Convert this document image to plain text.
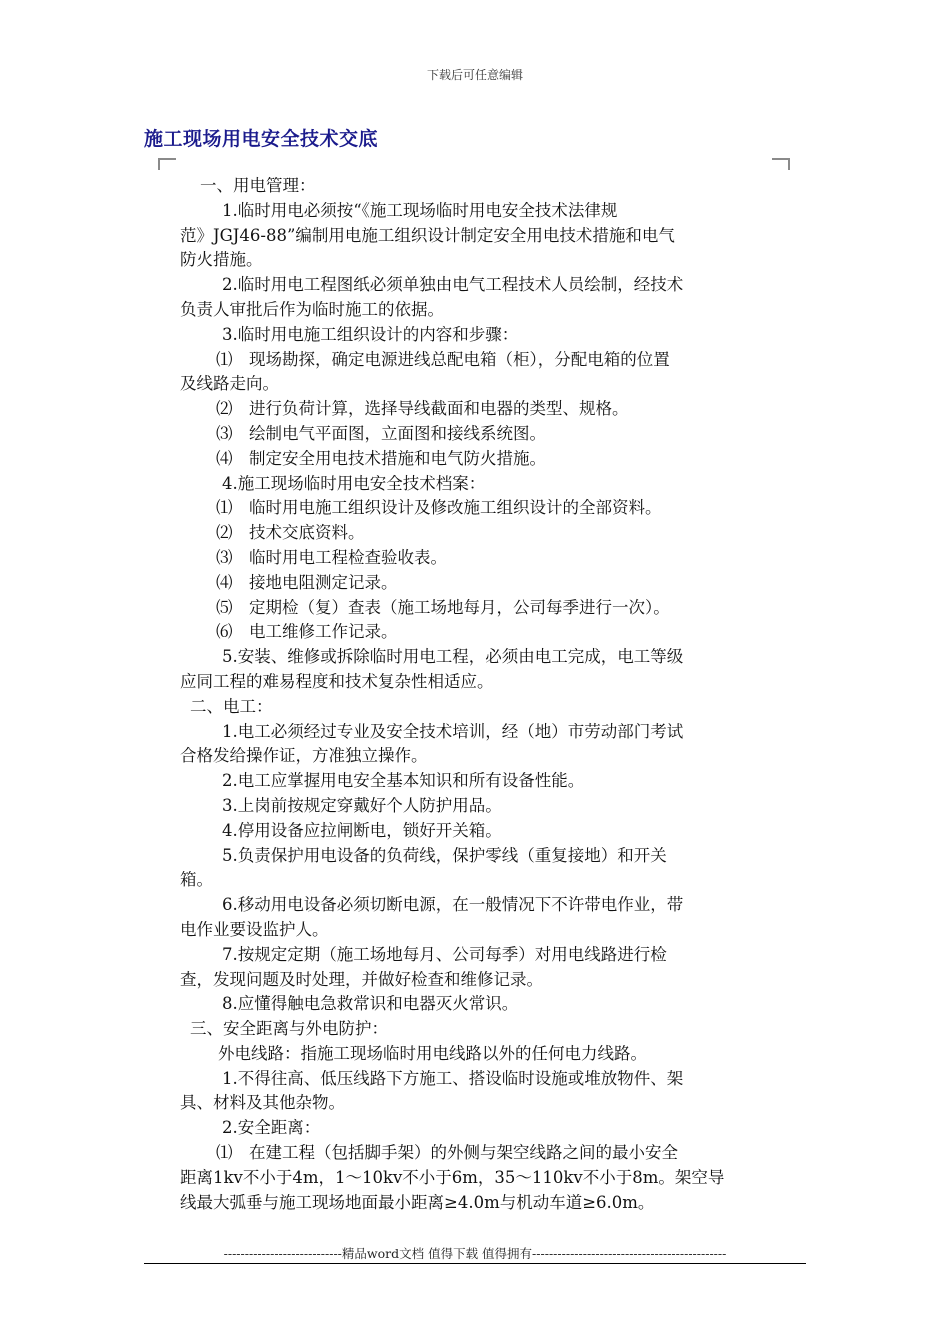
下载后可任意编辑
施工现场用电安全技术交底
一、用电管理：
1.临时用电必须按“《施工现场临时用电安全技术法律规
范》JGJ46-88”编制用电施工组织设计制定安全用电技术措施和电气
防火措施。
2.临时用电工程图纸必须单独由电气工程技术人员绘制，经技术
负责人审批后作为临时施工的依据。
3.临时用电施工组织设计的内容和步骤：
⑴　现场勘探，确定电源进线总配电箱（柜），分配电箱的位置
及线路走向。
⑵　进行负荷计算，选择导线截面和电器的类型、规格。
⑶　绘制电气平面图，立面图和接线系统图。
⑷　制定安全用电技术措施和电气防火措施。
4.施工现场临时用电安全技术档案：
⑴　临时用电施工组织设计及修改施工组织设计的全部资料。
⑵　技术交底资料。
⑶　临时用电工程检查验收表。
⑷　接地电阻测定记录。
⑸　定期检（复）查表（施工场地每月，公司每季进行一次）。
⑹　电工维修工作记录。
5.安装、维修或拆除临时用电工程，必须由电工完成，电工等级
应同工程的难易程度和技术复杂性相适应。
二、电工：
1.电工必须经过专业及安全技术培训，经（地）市劳动部门考试
合格发给操作证，方准独立操作。
2.电工应掌握用电安全基本知识和所有设备性能。
3.上岗前按规定穿戴好个人防护用品。
4.停用设备应拉闸断电，锁好开关箱。
5.负责保护用电设备的负荷线，保护零线（重复接地）和开关
箱。
6.移动用电设备必须切断电源，在一般情况下不许带电作业，带
电作业要设监护人。
7.按规定定期（施工场地每月、公司每季）对用电线路进行检
查，发现问题及时处理，并做好检查和维修记录。
8.应懂得触电急救常识和电器灭火常识。
三、安全距离与外电防护：
外电线路：指施工现场临时用电线路以外的任何电力线路。
1.不得往高、低压线路下方施工、搭设临时设施或堆放物件、架
具、材料及其他杂物。
2.安全距离：
⑴　在建工程（包括脚手架）的外侧与架空线路之间的最小安全
距离1kv不小于4m，1～10kv不小于6m，35～110kv不小于8m。架空导
线最大弧垂与施工现场地面最小距离≥4.0m与机动车道≥6.0m。
----------------------------精品word文档 值得下载 值得拥有----------------------------------------------
